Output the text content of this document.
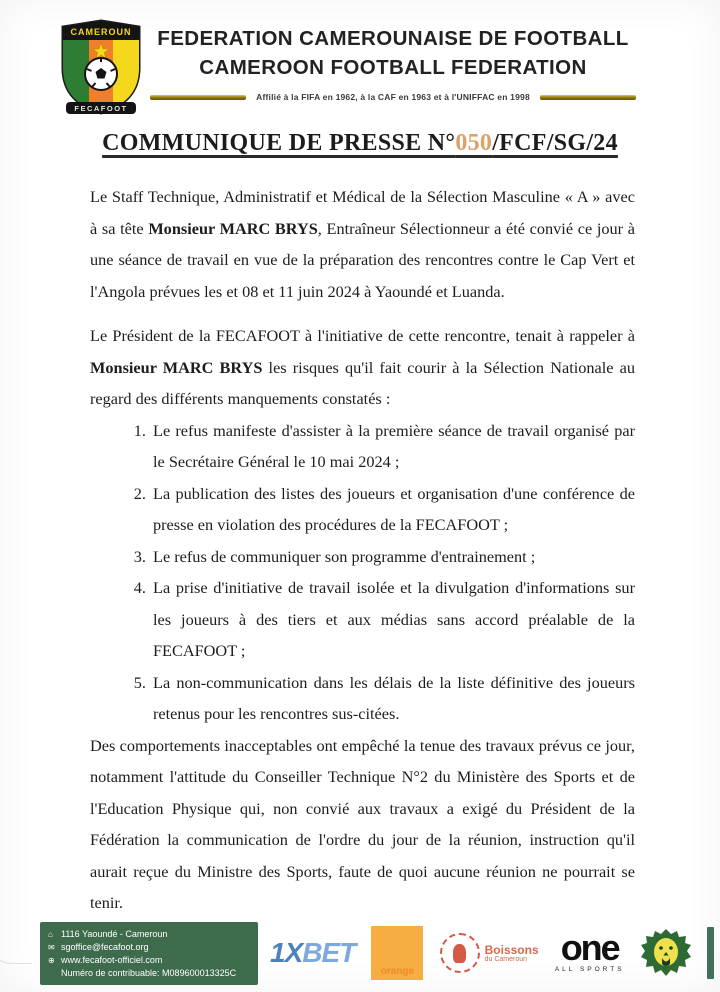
CAMEROUN
FECAFOOT
FEDERATION CAMEROUNAISE DE FOOTBALL
CAMEROON FOOTBALL FEDERATION
Affilié à la FIFA en 1962, à la CAF en 1963 et à l'UNIFFAC en 1998
COMMUNIQUE DE PRESSE N°050/FCF/SG/24

Le Staff Technique, Administratif et Médical de la Sélection Masculine « A » avec à sa tête Monsieur MARC BRYS, Entraîneur Sélectionneur a été convié ce jour à une séance de travail en vue de la préparation des rencontres contre le Cap Vert et l'Angola prévues les et 08 et 11 juin 2024 à Yaoundé et Luanda.

Le Président de la FECAFOOT à l'initiative de cette rencontre, tenait à rappeler à Monsieur MARC BRYS les risques qu'il fait courir à la Sélection Nationale au regard des différents manquements constatés :

1. Le refus manifeste d'assister à la première séance de travail organisé par le Secrétaire Général le 10 mai 2024 ;
2. La publication des listes des joueurs et organisation d'une conférence de presse en violation des procédures de la FECAFOOT ;
3. Le refus de communiquer son programme d'entrainement ;
4. La prise d'initiative de travail isolée et la divulgation d'informations sur les joueurs à des tiers et aux médias sans accord préalable de la FECAFOOT ;
5. La non-communication dans les délais de la liste définitive des joueurs retenus pour les rencontres sus-citées.

Des comportements inacceptables ont empêché la tenue des travaux prévus ce jour, notamment l'attitude du Conseiller Technique N°2 du Ministère des Sports et de l'Education Physique qui, non convié aux travaux a exigé du Président de la Fédération la communication de l'ordre du jour de la réunion, instruction qu'il aurait reçue du Ministre des Sports, faute de quoi aucune réunion ne pourrait se tenir.

⌂ 1116 Yaoundé - Cameroun
✉ sgoffice@fecafoot.org
⊕ www.fecafoot-officiel.com
Numéro de contribuable: M089600013325C
1XBET
orange
Boissons
du Cameroun one
ALL SPORTS
